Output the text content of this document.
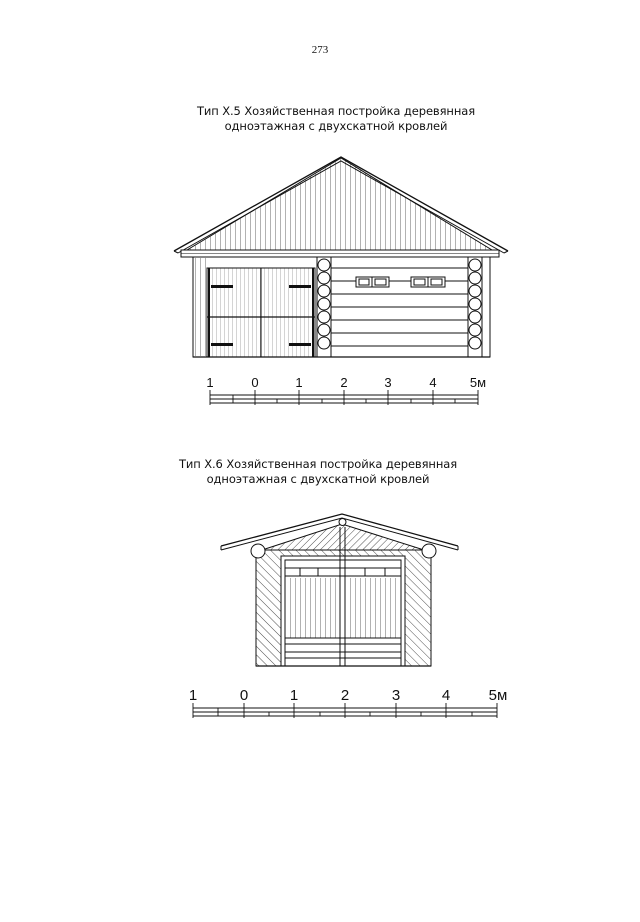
273
Тип X.5 Хозяйственная постройка деревянная
одноэтажная с двухскатной кровлей
Тип X.6 Хозяйственная постройка деревянная
одноэтажная с двухскатной кровлей
1	0	1	2	3	4	5м
1	0	1	2	3	4	5м
